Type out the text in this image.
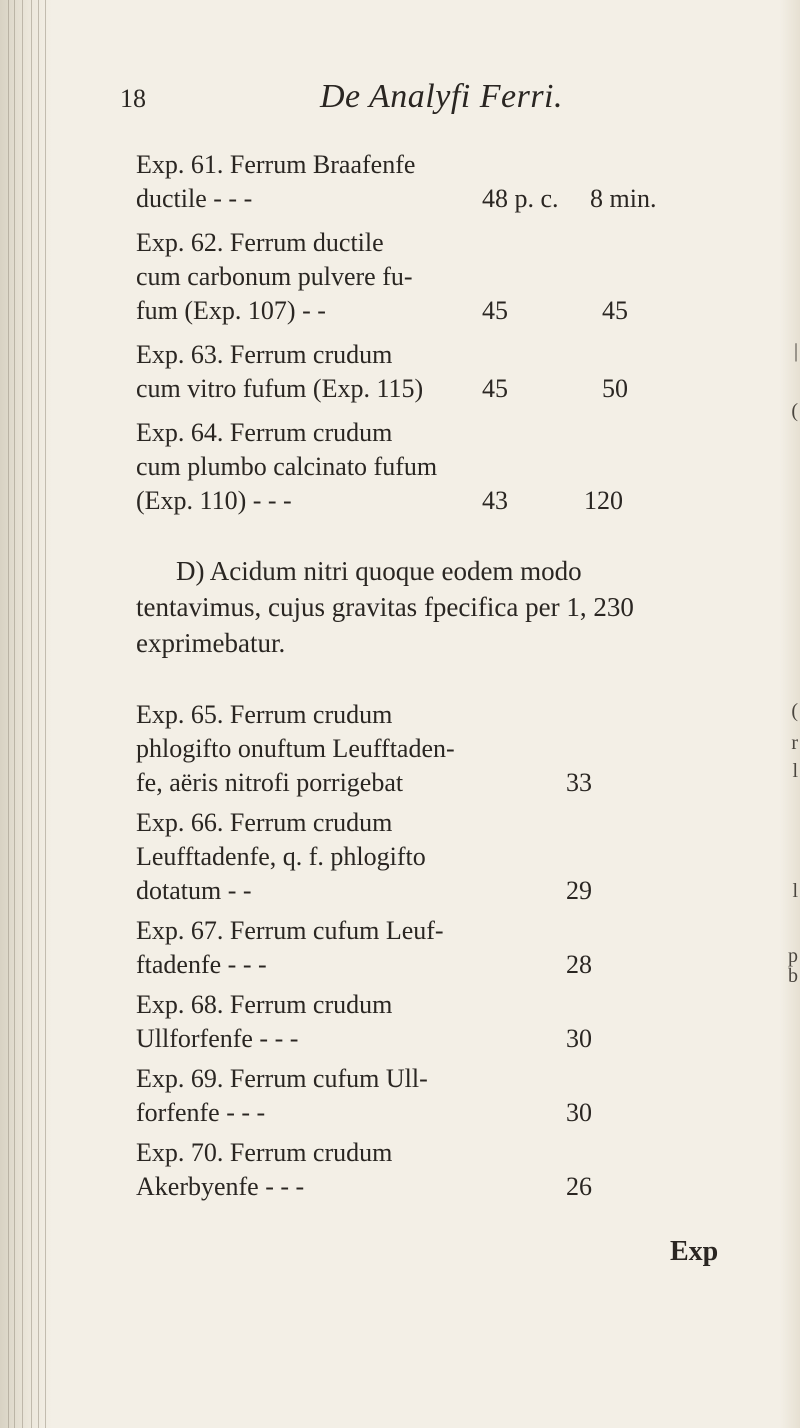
|
(
(
r
l
l
p
b
18	De Analyfi Ferri.
Exp. 61. Ferrum Braafenfe
ductile - - -	48 p. c. 8 min.
Exp. 62. Ferrum ductile
cum carbonum pulvere fu-
fum (Exp. 107) - -	45	45
Exp. 63. Ferrum crudum
cum vitro fufum (Exp. 115) 45	50
Exp. 64. Ferrum crudum
cum plumbo calcinato fufum
(Exp. 110) - - -	43	120
D) Acidum nitri quoque eodem modo
tentavimus, cujus gravitas fpecifica per 1, 230
exprimebatur.
Exp. 65. Ferrum crudum
phlogifto onuftum Leufftaden-
fe, aëris nitrofi porrigebat	33
Exp. 66. Ferrum crudum
Leufftadenfe, q. f. phlogifto
dotatum - -	29
Exp. 67. Ferrum cufum Leuf-
ftadenfe - - -	28
Exp. 68. Ferrum crudum
Ullforfenfe - - -	30
Exp. 69. Ferrum cufum Ull-
forfenfe - - -	30
Exp. 70. Ferrum crudum
Akerbyenfe - - -	26
Exp
